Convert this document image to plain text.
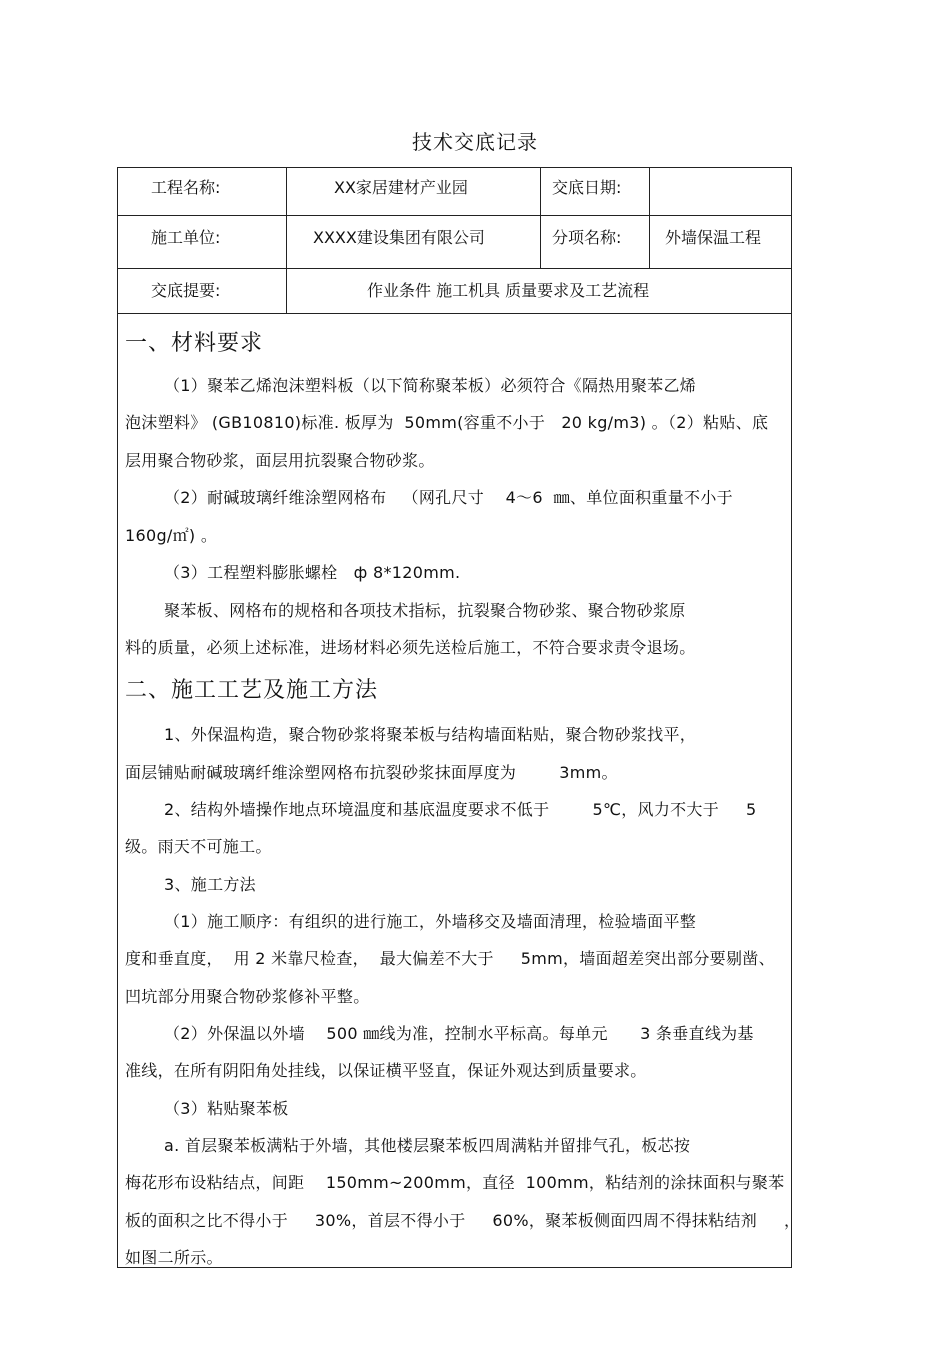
技术交底记录
工程名称:	XX家居建材产业园	交底日期:
施工单位:	XXXX建设集团有限公司	分项名称:	外墙保温工程
交底提要:	作业条件 施工机具 质量要求及工艺流程
一、材料要求
（1）聚苯乙烯泡沫塑料板（以下简称聚苯板）必须符合《隔热用聚苯乙烯
泡沫塑料》 (GB10810)标准. 板厚为  50mm(容重不小于   20 kg/m3) 。（2）粘贴、底
层用聚合物砂浆，面层用抗裂聚合物砂浆。
（2）耐碱玻璃纤维涂塑网格布   （网孔尺寸    4～6  ㎜、单位面积重量不小于
160g/㎡) 。
（3）工程塑料膨胀螺栓   ф 8*120mm.
聚苯板、网格布的规格和各项技术指标，抗裂聚合物砂浆、聚合物砂浆原
料的质量，必须上述标准，进场材料必须先送检后施工，不符合要求责令退场。
二、施工工艺及施工方法
1、外保温构造，聚合物砂浆将聚苯板与结构墙面粘贴，聚合物砂浆找平，
面层铺贴耐碱玻璃纤维涂塑网格布抗裂砂浆抹面厚度为        3mm。
2、结构外墙操作地点环境温度和基底温度要求不低于        5℃，风力不大于     5
级。雨天不可施工。
3、施工方法
（1）施工顺序：有组织的进行施工，外墙移交及墙面清理，检验墙面平整
度和垂直度，  用 2 米靠尺检查，  最大偏差不大于     5mm，墙面超差突出部分要剔凿、
凹坑部分用聚合物砂浆修补平整。
（2）外保温以外墙    500 ㎜线为准，控制水平标高。每单元      3 条垂直线为基
准线，在所有阴阳角处挂线，以保证横平竖直，保证外观达到质量要求。
（3）粘贴聚苯板
a. 首层聚苯板满粘于外墙，其他楼层聚苯板四周满粘并留排气孔，板芯按
梅花形布设粘结点，间距    150mm~200mm，直径  100mm，粘结剂的涂抹面积与聚苯
板的面积之比不得小于     30%，首层不得小于     60%，聚苯板侧面四周不得抹粘结剂     ，
如图二所示。
